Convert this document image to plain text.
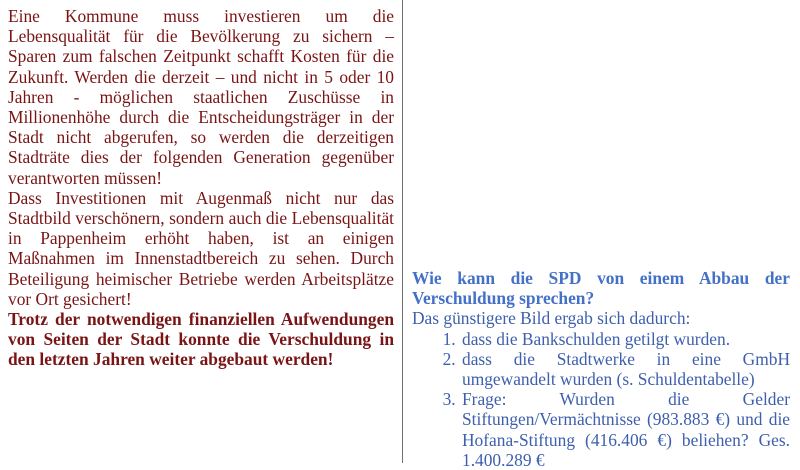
Eine Kommune muss investieren um die Lebensqualität für die Bevölkerung zu sichern – Sparen zum falschen Zeitpunkt schafft Kosten für die Zukunft. Werden die derzeit – und nicht in 5 oder 10 Jahren - möglichen staatlichen Zuschüsse in Millionenhöhe durch die Entscheidungsträger in der Stadt nicht abgerufen, so werden die derzeitigen Stadträte dies der folgenden Generation gegenüber verantworten müssen!

Dass Investitionen mit Augenmaß nicht nur das Stadtbild verschönern, sondern auch die Lebensqualität in Pappenheim erhöht haben, ist an einigen Maßnahmen im Innenstadtbereich zu sehen. Durch Beteiligung heimischer Betriebe werden Arbeitsplätze vor Ort gesichert!

Trotz der notwendigen finanziellen Aufwendungen von Seiten der Stadt konnte die Verschuldung in den letzten Jahren weiter abgebaut werden!

Wie kann die SPD von einem Abbau der Verschuldung sprechen?

Das günstigere Bild ergab sich dadurch:

1. dass die Bankschulden getilgt wurden.
2. dass die Stadtwerke in eine GmbH umgewandelt wurden (s. Schuldentabelle)
3. Frage: Wurden die Gelder Stiftungen/Vermächtnisse (983.883 €) und die Hofana-Stiftung (416.406 €) beliehen? Ges. 1.400.289 €
